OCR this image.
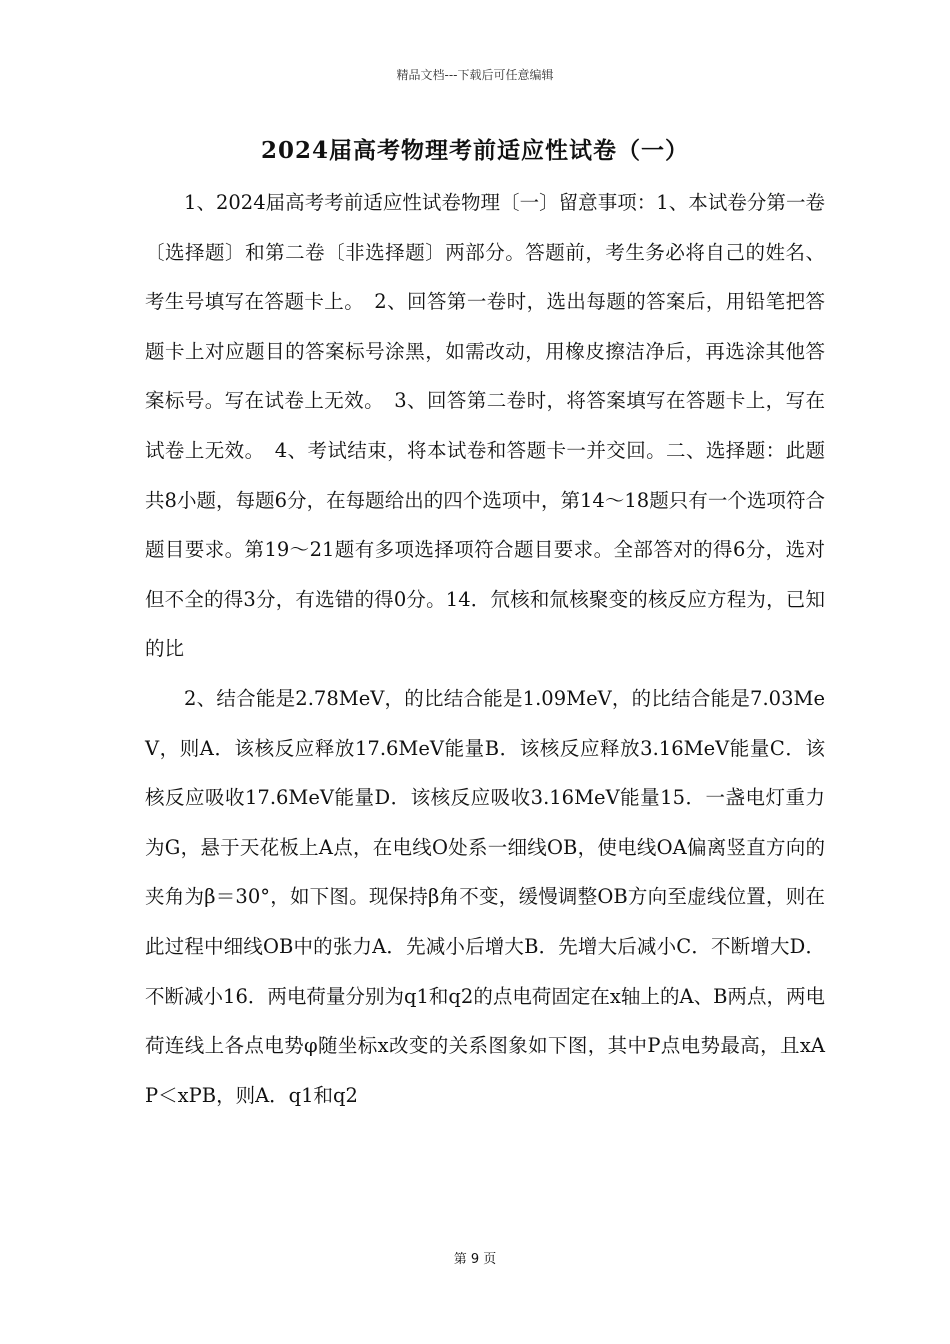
精品文档---下载后可任意编辑
2024届高考物理考前适应性试卷（一）

1、2024届高考考前适应性试卷物理〔一〕留意事项：1、本试卷分第一卷〔选择题〕和第二卷〔非选择题〕两部分。答题前，考生务必将自己的姓名、考生号填写在答题卡上。　2、回答第一卷时，选出每题的答案后，用铅笔把答题卡上对应题目的答案标号涂黑，如需改动，用橡皮擦洁净后，再选涂其他答案标号。写在试卷上无效。　3、回答第二卷时，将答案填写在答题卡上，写在试卷上无效。　4、考试结束，将本试卷和答题卡一并交回。二、选择题：此题共8小题，每题6分，在每题给出的四个选项中，第14～18题只有一个选项符合题目要求。第19～21题有多项选择项符合题目要求。全部答对的得6分，选对但不全的得3分，有选错的得0分。14．氘核和氚核聚变的核反应方程为，已知的比

2、结合能是2.78MeV，的比结合能是1.09MeV，的比结合能是7.03MeV，则A．该核反应释放17.6MeV能量B．该核反应释放3.16MeV能量C．该核反应吸收17.6MeV能量D．该核反应吸收3.16MeV能量15．一盏电灯重力为G，悬于天花板上A点，在电线O处系一细线OB，使电线OA偏离竖直方向的夹角为β＝30°，如下图。现保持β角不变，缓慢调整OB方向至虚线位置，则在此过程中细线OB中的张力A．先减小后增大B．先增大后减小C．不断增大D．不断减小16．两电荷量分别为q1和q2的点电荷固定在x轴上的A、B两点，两电荷连线上各点电势φ随坐标x改变的关系图象如下图，其中P点电势最高，且xAP＜xPB，则A．q1和q2

第 9 页
